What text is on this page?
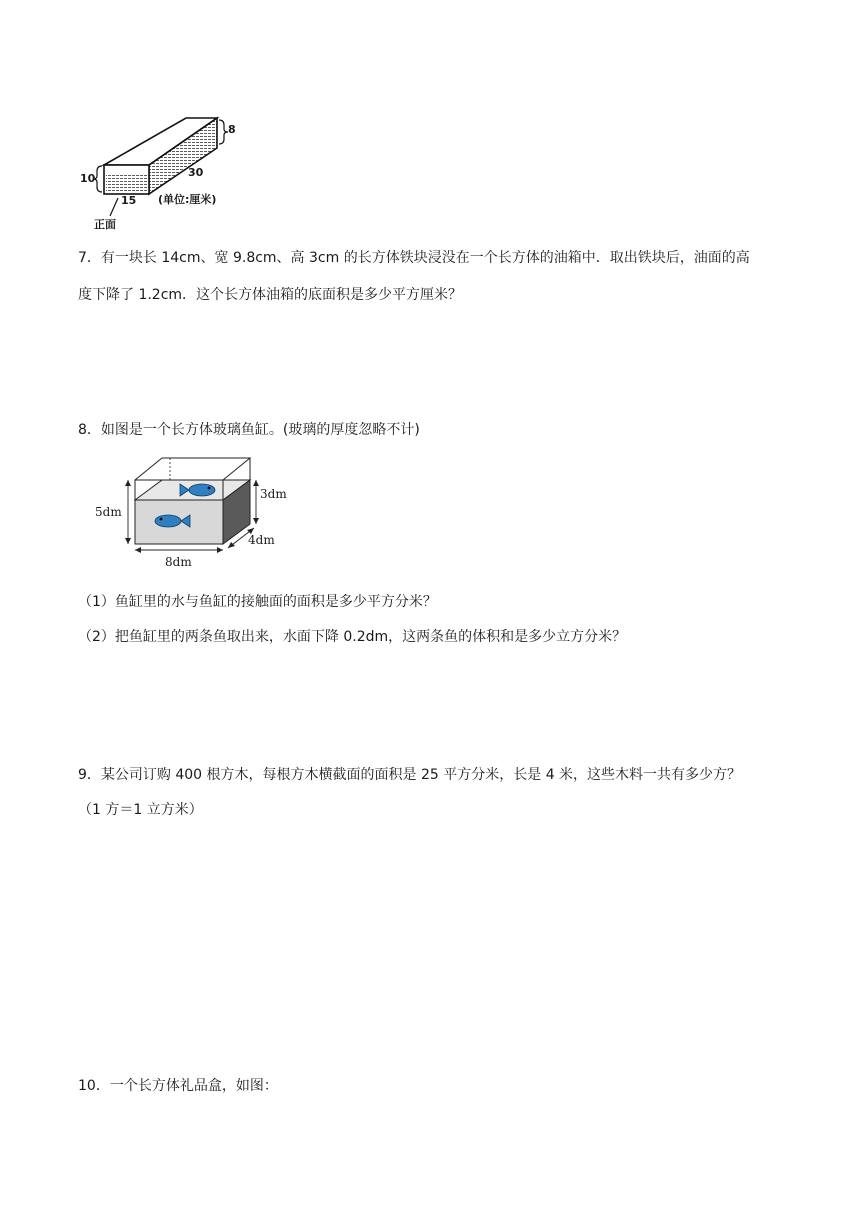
8
10	30
15 (单位:厘米)
正面
7．有一块长 14cm、宽 9.8cm、高 3cm 的长方体铁块浸没在一个长方体的油箱中．取出铁块后，油面的高
度下降了 1.2cm．这个长方体油箱的底面积是多少平方厘米？
8．如图是一个长方体玻璃鱼缸。(玻璃的厚度忽略不计)
5dm
3dm
4dm
8dm
（1）鱼缸里的水与鱼缸的接触面的面积是多少平方分米？
（2）把鱼缸里的两条鱼取出来，水面下降 0.2dm，这两条鱼的体积和是多少立方分米？
9．某公司订购 400 根方木，每根方木横截面的面积是 25 平方分米，长是 4 米，这些木料一共有多少方？
（1 方＝1 立方米）
10．一个长方体礼品盒，如图：
